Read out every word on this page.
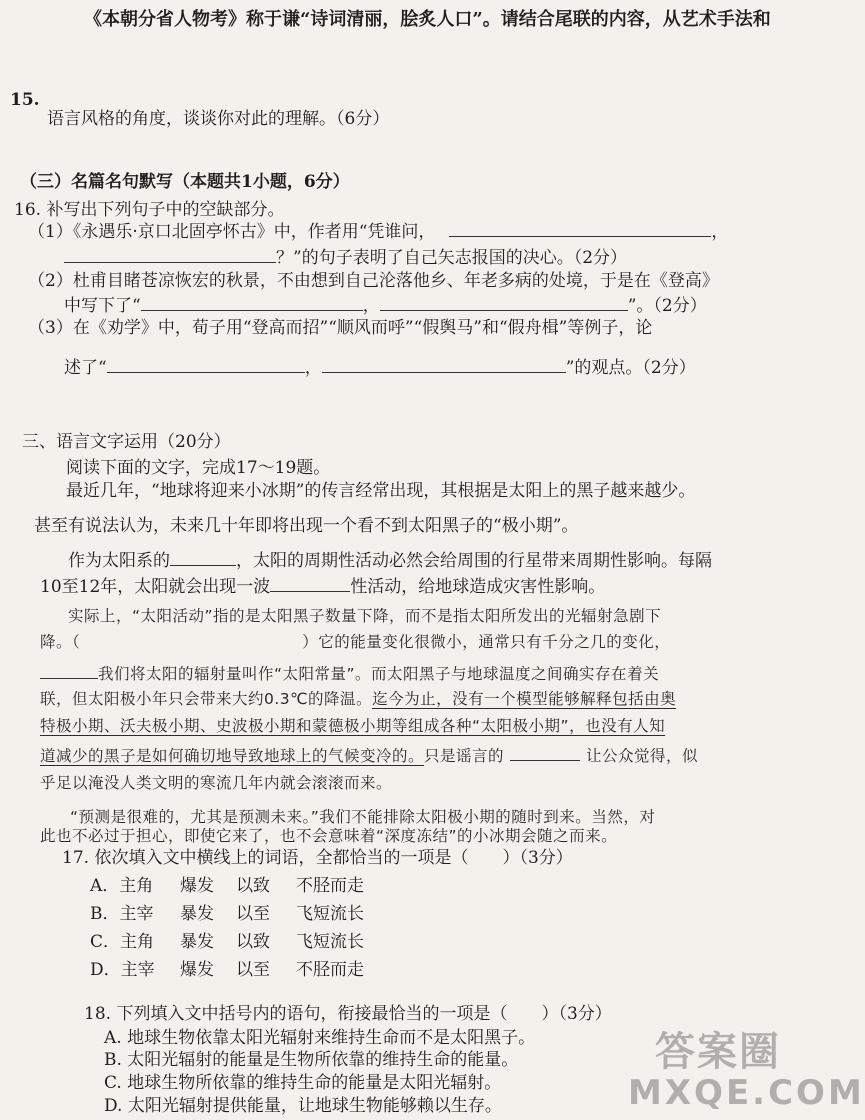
《本朝分省人物考》称于谦“诗词清丽，脍炙人口”。请结合尾联的内容，从艺术手法和
15.
语言风格的角度，谈谈你对此的理解。（6分）
（三）名篇名句默写（本题共1小题，6分）
16. 补写出下列句子中的空缺部分。
（1）《永遇乐·京口北固亭怀古》中，作者用“凭谁问，	，
？”的句子表明了自己矢志报国的决心。（2分）
（2）杜甫目睹苍凉恢宏的秋景，不由想到自己沦落他乡、年老多病的处境，于是在《登高》
中写下了“	，	”。（2分）
（3）在《劝学》中，荀子用“登高而招”“顺风而呼”“假舆马”和“假舟楫”等例子，论
述了“	，	”的观点。（2分）
三、语言文字运用（20分）
阅读下面的文字，完成17～19题。
最近几年，“地球将迎来小冰期”的传言经常出现，其根据是太阳上的黑子越来越少。
甚至有说法认为，未来几十年即将出现一个看不到太阳黑子的“极小期”。
作为太阳系的	，太阳的周期性活动必然会给周围的行星带来周期性影响。每隔
10至12年，太阳就会出现一波	性活动，给地球造成灾害性影响。
实际上，“太阳活动”指的是太阳黑子数量下降，而不是指太阳所发出的光辐射急剧下
降。（	）它的能量变化很微小，通常只有千分之几的变化，
我们将太阳的辐射量叫作“太阳常量”。而太阳黑子与地球温度之间确实存在着关
联，但太阳极小年只会带来大约0.3℃的降温。迄今为止，没有一个模型能够解释包括由奥
特极小期、沃夫极小期、史波极小期和蒙德极小期等组成各种“太阳极小期”，也没有人知
道减少的黑子是如何确切地导致地球上的气候变冷的。只是谣言的	让公众觉得，似
乎足以淹没人类文明的寒流几年内就会滚滚而来。
“预测是很难的，尤其是预测未来。”我们不能排除太阳极小期的随时到来。当然，对
此也不必过于担心，即使它来了，也不会意味着“深度冻结”的小冰期会随之而来。
17. 依次填入文中横线上的词语，全都恰当的一项是（　　）（3分）
A．主角 爆发 以致 不胫而走
B．主宰 暴发 以至 飞短流长
C．主角 暴发 以致 飞短流长
D．主宰 爆发 以至 不胫而走
18. 下列填入文中括号内的语句，衔接最恰当的一项是（　　）（3分）
A. 地球生物依靠太阳光辐射来维持生命而不是太阳黑子。
B. 太阳光辐射的能量是生物所依靠的维持生命的能量。
C. 地球生物所依靠的维持生命的能量是太阳光辐射。
D. 太阳光辐射提供能量，让地球生物能够赖以生存。
答案圈
MXQE.COM
